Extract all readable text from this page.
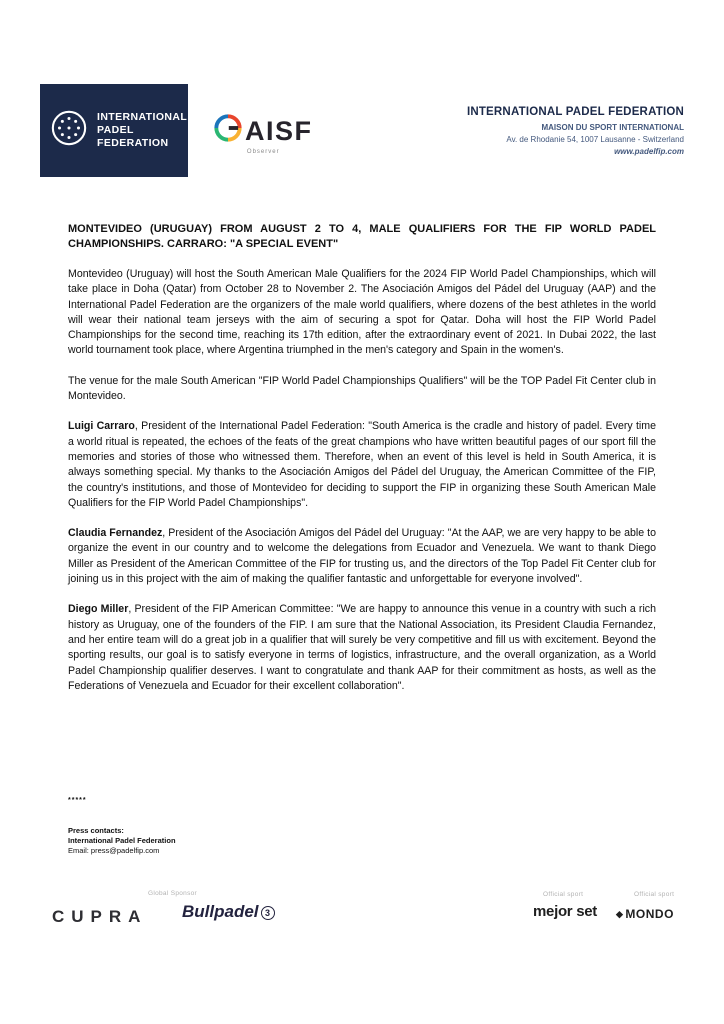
INTERNATIONAL
PADEL
FEDERATION	AISF
Observer
INTERNATIONAL PADEL FEDERATION
MAISON DU SPORT INTERNATIONAL
Av. de Rhodanie 54, 1007 Lausanne - Switzerland
www.padelfip.com

MONTEVIDEO (URUGUAY) FROM AUGUST 2 TO 4, MALE QUALIFIERS FOR THE FIP WORLD PADEL CHAMPIONSHIPS. CARRARO: "A SPECIAL EVENT"

Montevideo (Uruguay) will host the South American Male Qualifiers for the 2024 FIP World Padel Championships, which will take place in Doha (Qatar) from October 28 to November 2. The Asociación Amigos del Pádel del Uruguay (AAP) and the International Padel Federation are the organizers of the male world qualifiers, where dozens of the best athletes in the world will wear their national team jerseys with the aim of securing a spot for Qatar. Doha will host the FIP World Padel Championships for the second time, reaching its 17th edition, after the extraordinary event of 2021. In Dubai 2022, the last world tournament took place, where Argentina triumphed in the men's category and Spain in the women's.

The venue for the male South American "FIP World Padel Championships Qualifiers" will be the TOP Padel Fit Center club in Montevideo.

Luigi Carraro, President of the International Padel Federation: "South America is the cradle and history of padel. Every time a world ritual is repeated, the echoes of the feats of the great champions who have written beautiful pages of our sport fill the memories and stories of those who witnessed them. Therefore, when an event of this level is held in South America, it is always something special. My thanks to the Asociación Amigos del Pádel del Uruguay, the American Committee of the FIP, the country's institutions, and those of Montevideo for deciding to support the FIP in organizing these South American Male Qualifiers for the FIP World Padel Championships".

Claudia Fernandez, President of the Asociación Amigos del Pádel del Uruguay: "At the AAP, we are very happy to be able to organize the event in our country and to welcome the delegations from Ecuador and Venezuela. We want to thank Diego Miller as President of the American Committee of the FIP for trusting us, and the directors of the Top Padel Fit Center club for joining us in this project with the aim of making the qualifier fantastic and unforgettable for everyone involved".

Diego Miller, President of the FIP American Committee: "We are happy to announce this venue in a country with such a rich history as Uruguay, one of the founders of the FIP. I am sure that the National Association, its President Claudia Fernandez, and her entire team will do a great job in a qualifier that will surely be very competitive and fill us with excitement. Beyond the sporting results, our goal is to satisfy everyone in terms of logistics, infrastructure, and the overall organization, as a World Padel Championship qualifier deserves. I want to congratulate and thank AAP for their commitment as hosts, as well as the Federations of Venezuela and Ecuador for their excellent collaboration".

*****
Press contacts:
International Padel Federation
Email: press@padelfip.com
Global Sponsor
CUPRA Bullpadel 3
Official sport
mejor set
Official sport
◆ MONDO
